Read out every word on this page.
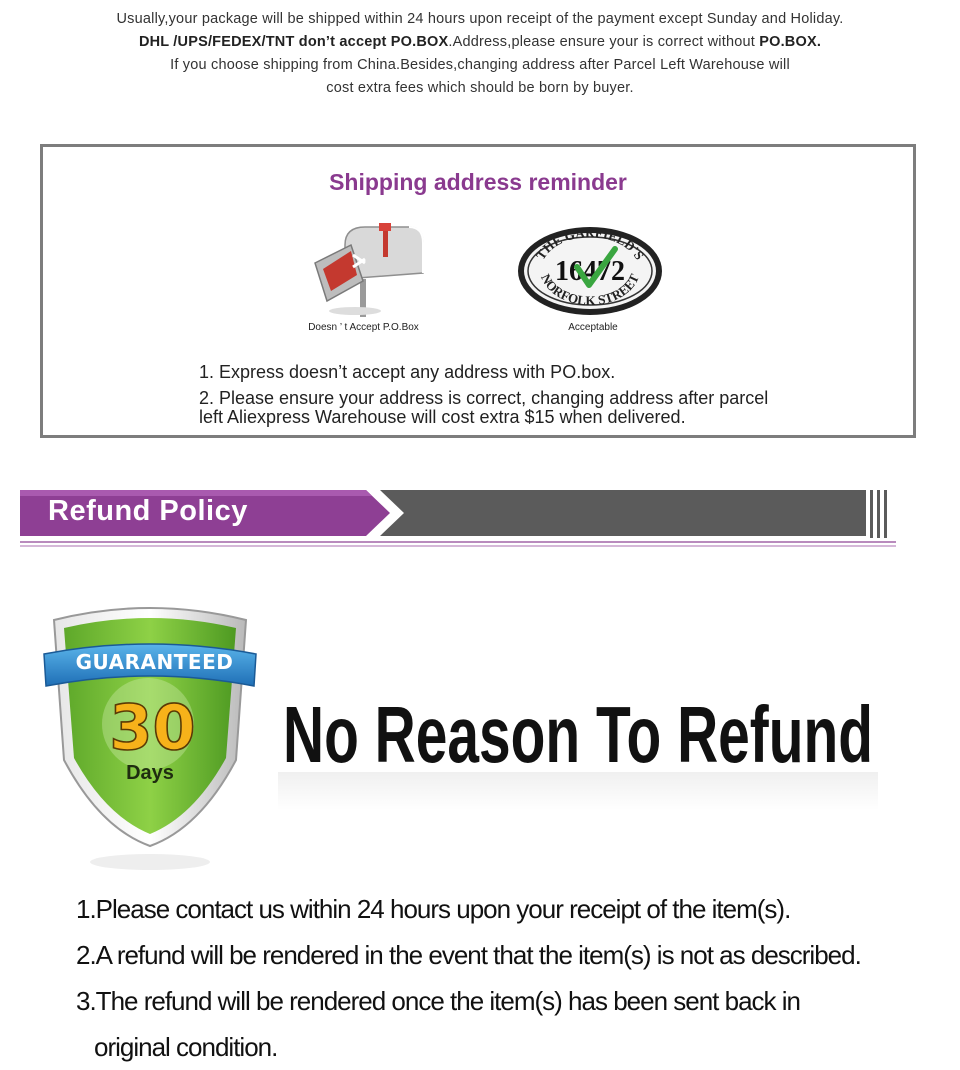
Usually,your package will be shipped within 24 hours upon receipt of the payment except Sunday and Holiday.
DHL /UPS/FEDEX/TNT don’t accept PO.BOX.Address,please ensure your is correct without PO.BOX.
If you choose shipping from China.Besides,changing address after Parcel Left Warehouse will
cost extra fees which should be born by buyer.
Shipping address reminder
Doesn ’ t Accept P.O.Box
THE GARFIELD'S
16472
NORFOLK STREET
Acceptable
1. Express doesn’t accept any address with PO.box.
2. Please ensure your address is correct, changing address after parcel
left Aliexpress Warehouse will cost extra $15 when delivered.
Refund Policy
GUARANTEED
30
Days No Reason To Refund
1.Please contact us within 24 hours upon your receipt of the item(s).
2.A refund will be rendered in the event that the item(s) is not as described.
3.The refund will be rendered once the item(s) has been sent back in
original condition.
